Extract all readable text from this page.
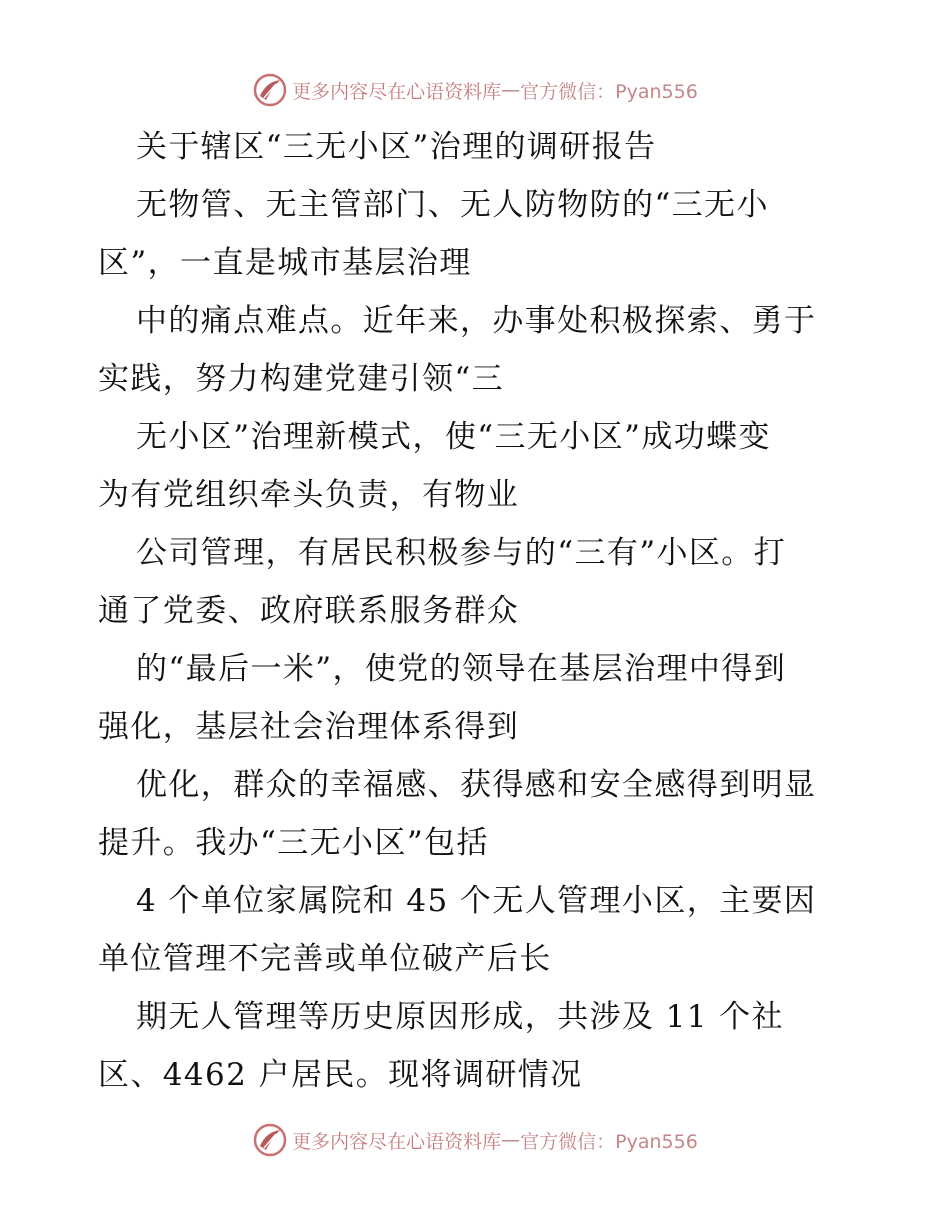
更多内容尽在心语资料库 — 官方微信：Pyan556
关于辖区“三无小区”治理的调研报告
无物管、无主管部门、无人防物防的“三无小
区”，一直是城市基层治理
中的痛点难点。近年来，办事处积极探索、勇于
实践，努力构建党建引领“三
无小区”治理新模式，使“三无小区”成功蝶变
为有党组织牵头负责，有物业
公司管理，有居民积极参与的“三有”小区。打
通了党委、政府联系服务群众
的“最后一米”，使党的领导在基层治理中得到
强化，基层社会治理体系得到
优化，群众的幸福感、获得感和安全感得到明显
提升。我办“三无小区”包括
4 个单位家属院和 45 个无人管理小区，主要因
单位管理不完善或单位破产后长
期无人管理等历史原因形成，共涉及 11 个社
区、4462 户居民。现将调研情况
更多内容尽在心语资料库 — 官方微信：Pyan556
